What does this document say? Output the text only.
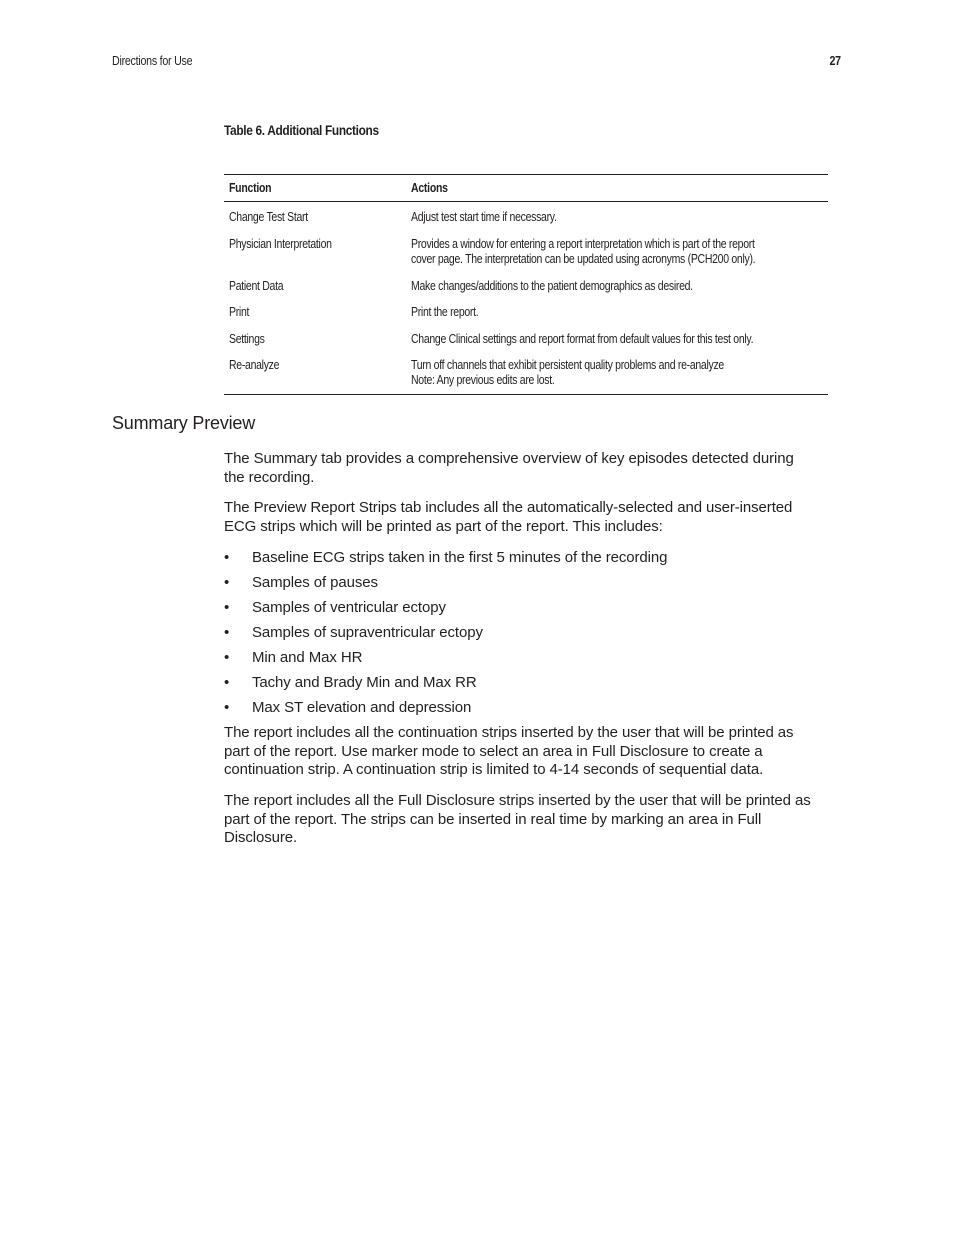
Directions for Use	27
Table 6. Additional Functions
Function	Actions
Change Test Start	Adjust test start time if necessary.
Physician Interpretation	Provides a window for entering a report interpretation which is part of the report
cover page. The interpretation can be updated using acronyms (PCH200 only).
Patient Data	Make changes/additions to the patient demographics as desired.
Print	Print the report.
Settings	Change Clinical settings and report format from default values for this test only.
Re-analyze	Turn off channels that exhibit persistent quality problems and re-analyze
Note: Any previous edits are lost.
Summary Preview
The Summary tab provides a comprehensive overview of key episodes detected during
the recording.
The Preview Report Strips tab includes all the automatically-selected and user-inserted
ECG strips which will be printed as part of the report. This includes:
•	Baseline ECG strips taken in the first 5 minutes of the recording
•	Samples of pauses
•	Samples of ventricular ectopy
•	Samples of supraventricular ectopy
•	Min and Max HR
•	Tachy and Brady Min and Max RR
•	Max ST elevation and depression
The report includes all the continuation strips inserted by the user that will be printed as
part of the report. Use marker mode to select an area in Full Disclosure to create a
continuation strip. A continuation strip is limited to 4-14 seconds of sequential data.
The report includes all the Full Disclosure strips inserted by the user that will be printed as
part of the report. The strips can be inserted in real time by marking an area in Full
Disclosure.
